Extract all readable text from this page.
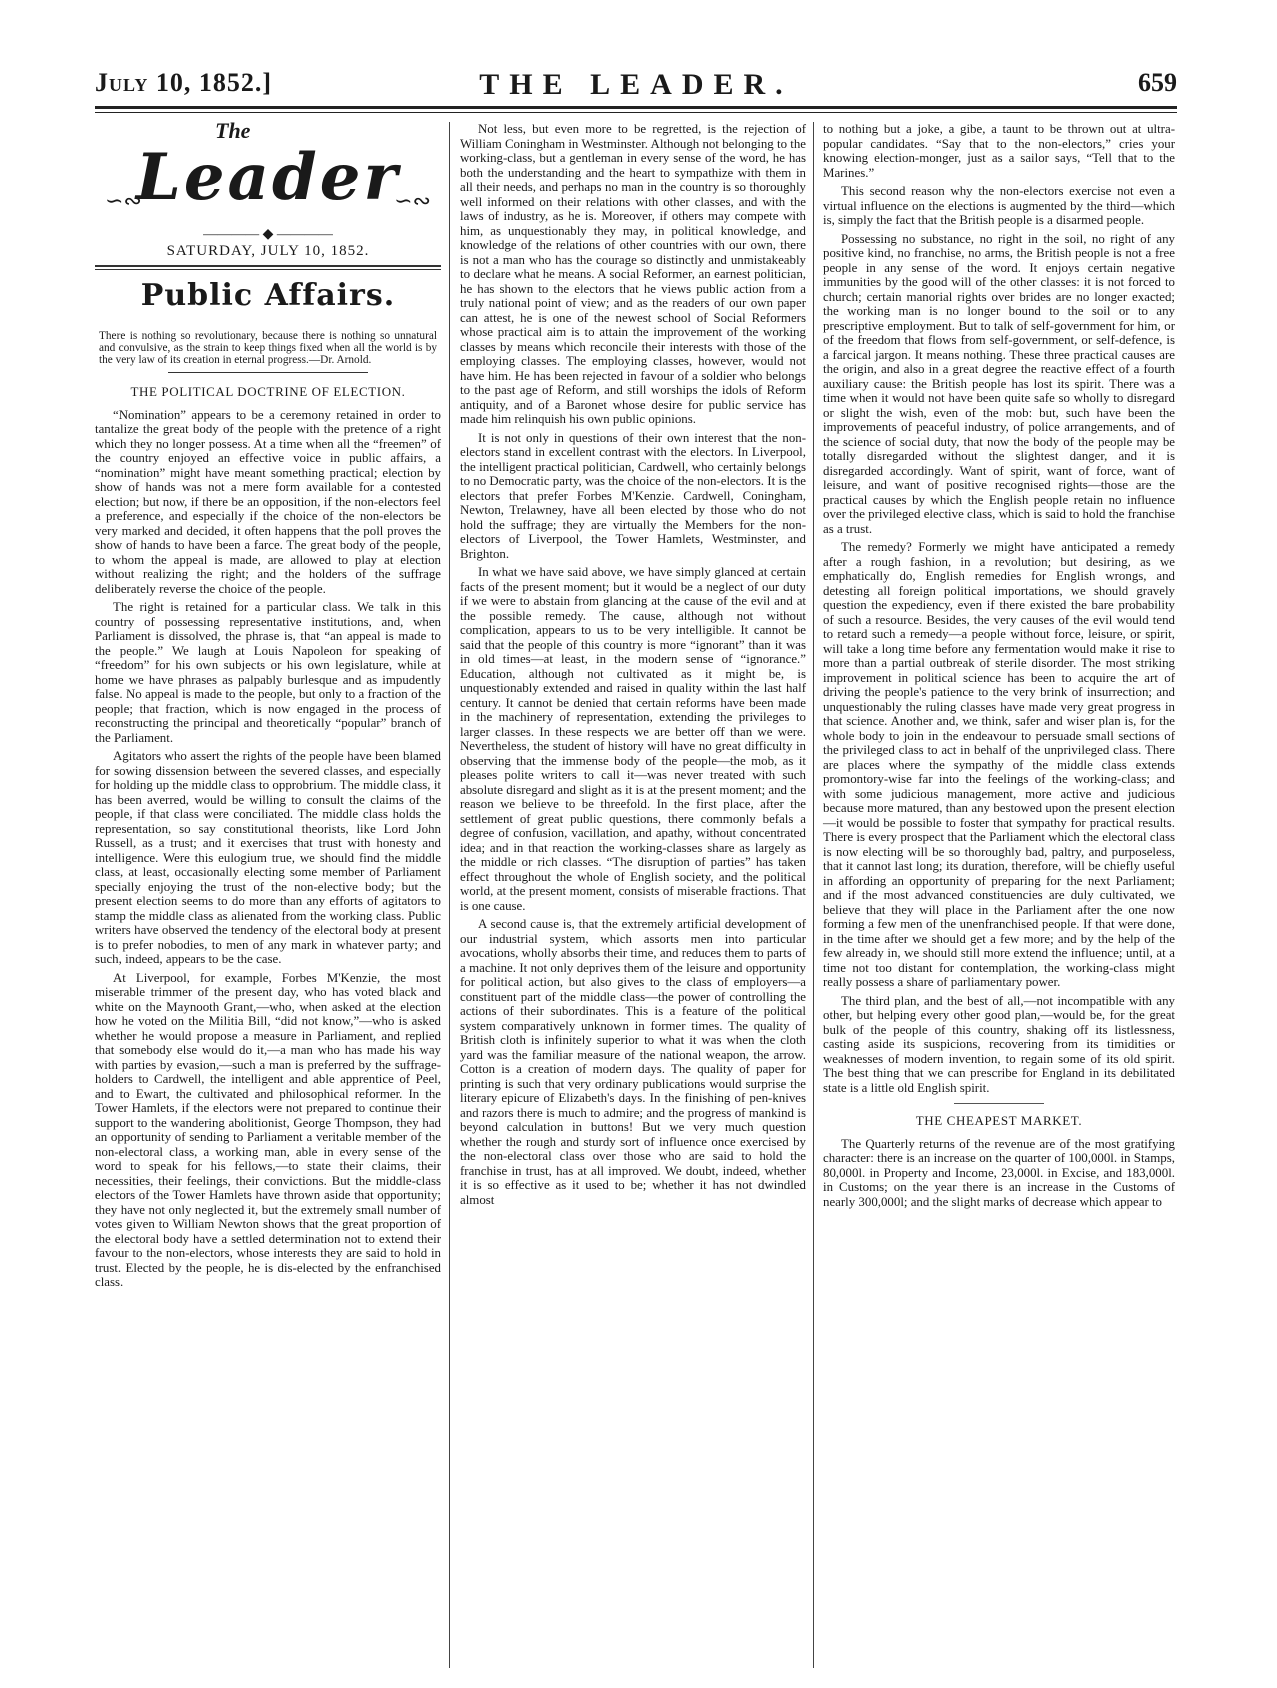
July 10, 1852.]	THE LEADER.	659
The
∽∾
Leader
∽∾
———— ◆ ————
SATURDAY, JULY 10, 1852.
Public Affairs.
There is nothing so revolutionary, because there is nothing so unnatural and convulsive, as the strain to keep things fixed when all the world is by the very law of its creation in eternal progress.—Dr. Arnold.
THE POLITICAL DOCTRINE OF ELECTION.

“Nomination” appears to be a ceremony retained in order to tantalize the great body of the people with the pretence of a right which they no longer possess. At a time when all the “freemen” of the country enjoyed an effective voice in public affairs, a “nomination” might have meant something practical; election by show of hands was not a mere form available for a contested election; but now, if there be an opposition, if the non-electors feel a preference, and especially if the choice of the non-electors be very marked and decided, it often happens that the poll proves the show of hands to have been a farce. The great body of the people, to whom the appeal is made, are allowed to play at election without realizing the right; and the holders of the suffrage deliberately reverse the choice of the people.

The right is retained for a particular class. We talk in this country of possessing representative institutions, and, when Parliament is dissolved, the phrase is, that “an appeal is made to the people.” We laugh at Louis Napoleon for speaking of “freedom” for his own subjects or his own legislature, while at home we have phrases as palpably burlesque and as impudently false. No appeal is made to the people, but only to a fraction of the people; that fraction, which is now engaged in the process of reconstructing the principal and theoretically “popular” branch of the Parliament.

Agitators who assert the rights of the people have been blamed for sowing dissension between the severed classes, and especially for holding up the middle class to opprobrium. The middle class, it has been averred, would be willing to consult the claims of the people, if that class were conciliated. The middle class holds the representation, so say constitutional theorists, like Lord John Russell, as a trust; and it exercises that trust with honesty and intelligence. Were this eulogium true, we should find the middle class, at least, occasionally electing some member of Parliament specially enjoying the trust of the non-elective body; but the present election seems to do more than any efforts of agitators to stamp the middle class as alienated from the working class. Public writers have observed the tendency of the electoral body at present is to prefer nobodies, to men of any mark in whatever party; and such, indeed, appears to be the case.

At Liverpool, for example, Forbes M'Kenzie, the most miserable trimmer of the present day, who has voted black and white on the Maynooth Grant,—who, when asked at the election how he voted on the Militia Bill, “did not know,”—who is asked whether he would propose a measure in Parliament, and replied that somebody else would do it,—a man who has made his way with parties by evasion,—such a man is preferred by the suffrage-holders to Cardwell, the intelligent and able apprentice of Peel, and to Ewart, the cultivated and philosophical reformer. In the Tower Hamlets, if the electors were not prepared to continue their support to the wandering abolitionist, George Thompson, they had an opportunity of sending to Parliament a veritable member of the non-electoral class, a working man, able in every sense of the word to speak for his fellows,—to state their claims, their necessities, their feelings, their convictions. But the middle-class electors of the Tower Hamlets have thrown aside that opportunity; they have not only neglected it, but the extremely small number of votes given to William Newton shows that the great proportion of the electoral body have a settled determination not to extend their favour to the non-electors, whose interests they are said to hold in trust. Elected by the people, he is dis-elected by the enfranchised class.

Not less, but even more to be regretted, is the rejection of William Coningham in Westminster. Although not belonging to the working-class, but a gentleman in every sense of the word, he has both the understanding and the heart to sympathize with them in all their needs, and perhaps no man in the country is so thoroughly well informed on their relations with other classes, and with the laws of industry, as he is. Moreover, if others may compete with him, as unquestionably they may, in political knowledge, and knowledge of the relations of other countries with our own, there is not a man who has the courage so distinctly and unmistakeably to declare what he means. A social Reformer, an earnest politician, he has shown to the electors that he views public action from a truly national point of view; and as the readers of our own paper can attest, he is one of the newest school of Social Reformers whose practical aim is to attain the improvement of the working classes by means which reconcile their interests with those of the employing classes. The employing classes, however, would not have him. He has been rejected in favour of a soldier who belongs to the past age of Reform, and still worships the idols of Reform antiquity, and of a Baronet whose desire for public service has made him relinquish his own public opinions.

It is not only in questions of their own interest that the non-electors stand in excellent contrast with the electors. In Liverpool, the intelligent practical politician, Cardwell, who certainly belongs to no Democratic party, was the choice of the non-electors. It is the electors that prefer Forbes M'Kenzie. Cardwell, Coningham, Newton, Trelawney, have all been elected by those who do not hold the suffrage; they are virtually the Members for the non-electors of Liverpool, the Tower Hamlets, Westminster, and Brighton.

In what we have said above, we have simply glanced at certain facts of the present moment; but it would be a neglect of our duty if we were to abstain from glancing at the cause of the evil and at the possible remedy. The cause, although not without complication, appears to us to be very intelligible. It cannot be said that the people of this country is more “ignorant” than it was in old times—at least, in the modern sense of “ignorance.” Education, although not cultivated as it might be, is unquestionably extended and raised in quality within the last half century. It cannot be denied that certain reforms have been made in the machinery of representation, extending the privileges to larger classes. In these respects we are better off than we were. Nevertheless, the student of history will have no great difficulty in observing that the immense body of the people—the mob, as it pleases polite writers to call it—was never treated with such absolute disregard and slight as it is at the present moment; and the reason we believe to be threefold. In the first place, after the settlement of great public questions, there commonly befals a degree of confusion, vacillation, and apathy, without concentrated idea; and in that reaction the working-classes share as largely as the middle or rich classes. “The disruption of parties” has taken effect throughout the whole of English society, and the political world, at the present moment, consists of miserable fractions. That is one cause.

A second cause is, that the extremely artificial development of our industrial system, which assorts men into particular avocations, wholly absorbs their time, and reduces them to parts of a machine. It not only deprives them of the leisure and opportunity for political action, but also gives to the class of employers—a constituent part of the middle class—the power of controlling the actions of their subordinates. This is a feature of the political system comparatively unknown in former times. The quality of British cloth is infinitely superior to what it was when the cloth yard was the familiar measure of the national weapon, the arrow. Cotton is a creation of modern days. The quality of paper for printing is such that very ordinary publications would surprise the literary epicure of Elizabeth's days. In the finishing of pen-knives and razors there is much to admire; and the progress of mankind is beyond calculation in buttons! But we very much question whether the rough and sturdy sort of influence once exercised by the non-electoral class over those who are said to hold the franchise in trust, has at all improved. We doubt, indeed, whether it is so effective as it used to be; whether it has not dwindled almost

to nothing but a joke, a gibe, a taunt to be thrown out at ultra-popular candidates. “Say that to the non-electors,” cries your knowing election-monger, just as a sailor says, “Tell that to the Marines.”

This second reason why the non-electors exercise not even a virtual influence on the elections is augmented by the third—which is, simply the fact that the British people is a disarmed people.

Possessing no substance, no right in the soil, no right of any positive kind, no franchise, no arms, the British people is not a free people in any sense of the word. It enjoys certain negative immunities by the good will of the other classes: it is not forced to church; certain manorial rights over brides are no longer exacted; the working man is no longer bound to the soil or to any prescriptive employment. But to talk of self-government for him, or of the freedom that flows from self-government, or self-defence, is a farcical jargon. It means nothing. These three practical causes are the origin, and also in a great degree the reactive effect of a fourth auxiliary cause: the British people has lost its spirit. There was a time when it would not have been quite safe so wholly to disregard or slight the wish, even of the mob: but, such have been the improvements of peaceful industry, of police arrangements, and of the science of social duty, that now the body of the people may be totally disregarded without the slightest danger, and it is disregarded accordingly. Want of spirit, want of force, want of leisure, and want of positive recognised rights—those are the practical causes by which the English people retain no influence over the privileged elective class, which is said to hold the franchise as a trust.

The remedy? Formerly we might have anticipated a remedy after a rough fashion, in a revolution; but desiring, as we emphatically do, English remedies for English wrongs, and detesting all foreign political importations, we should gravely question the expediency, even if there existed the bare probability of such a resource. Besides, the very causes of the evil would tend to retard such a remedy—a people without force, leisure, or spirit, will take a long time before any fermentation would make it rise to more than a partial outbreak of sterile disorder. The most striking improvement in political science has been to acquire the art of driving the people's patience to the very brink of insurrection; and unquestionably the ruling classes have made very great progress in that science. Another and, we think, safer and wiser plan is, for the whole body to join in the endeavour to persuade small sections of the privileged class to act in behalf of the unprivileged class. There are places where the sympathy of the middle class extends promontory-wise far into the feelings of the working-class; and with some judicious management, more active and judicious because more matured, than any bestowed upon the present election—it would be possible to foster that sympathy for practical results. There is every prospect that the Parliament which the electoral class is now electing will be so thoroughly bad, paltry, and purposeless, that it cannot last long; its duration, therefore, will be chiefly useful in affording an opportunity of preparing for the next Parliament; and if the most advanced constituencies are duly cultivated, we believe that they will place in the Parliament after the one now forming a few men of the unenfranchised people. If that were done, in the time after we should get a few more; and by the help of the few already in, we should still more extend the influence; until, at a time not too distant for contemplation, the working-class might really possess a share of parliamentary power.

The third plan, and the best of all,—not incompatible with any other, but helping every other good plan,—would be, for the great bulk of the people of this country, shaking off its listlessness, casting aside its suspicions, recovering from its timidities or weaknesses of modern invention, to regain some of its old spirit. The best thing that we can prescribe for England in its debilitated state is a little old English spirit.

THE CHEAPEST MARKET.

The Quarterly returns of the revenue are of the most gratifying character: there is an increase on the quarter of 100,000l. in Stamps, 80,000l. in Property and Income, 23,000l. in Excise, and 183,000l. in Customs; on the year there is an increase in the Customs of nearly 300,000l; and the slight marks of decrease which appear to
